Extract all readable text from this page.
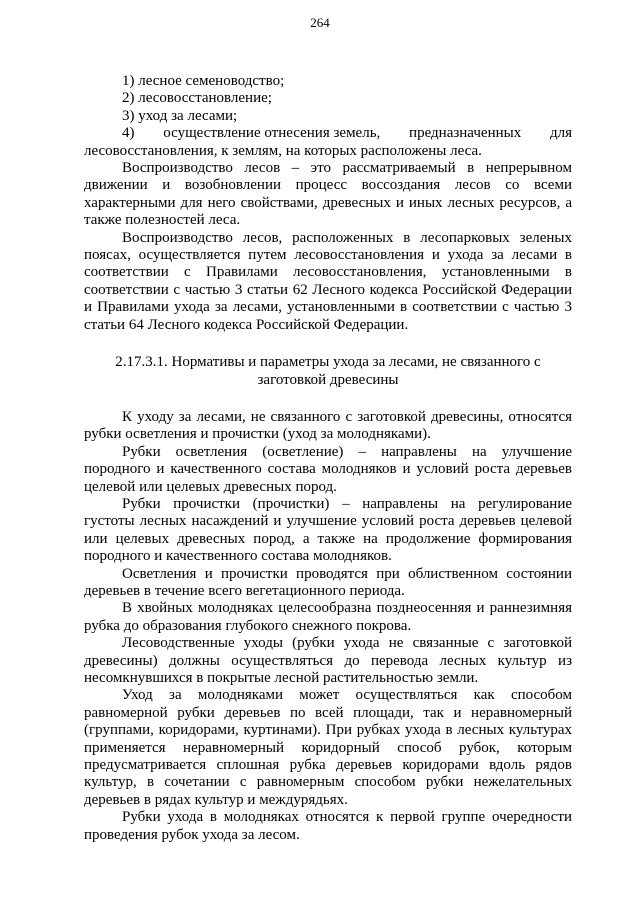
264

1) лесное семеноводство;

2) лесовосстановление;

3) уход за лесами;

4) осуществление отнесения земель, предназначенных для

лесовосстановления, к землям, на которых расположены леса.

Воспроизводство лесов – это рассматриваемый в непрерывном движении и возобновлении процесс воссоздания лесов со всеми характерными для него свойствами, древесных и иных лесных ресурсов, а также полезностей леса.

Воспроизводство лесов, расположенных в лесопарковых зеленых поясах, осуществляется путем лесовосстановления и ухода за лесами в соответствии с Правилами лесовосстановления, установленными в соответствии с частью 3 статьи 62 Лесного кодекса Российской Федерации и Правилами ухода за лесами, установленными в соответствии с частью 3 статьи 64 Лесного кодекса Российской Федерации.

2.17.3.1. Нормативы и параметры ухода за лесами, не связанного с заготовкой древесины

К уходу за лесами, не связанного с заготовкой древесины, относятся рубки осветления и прочистки (уход за молодняками).

Рубки осветления (осветление) – направлены на улучшение породного и качественного состава молодняков и условий роста деревьев целевой или целевых древесных пород.

Рубки прочистки (прочистки) – направлены на регулирование густоты лесных насаждений и улучшение условий роста деревьев целевой или целевых древесных пород, а также на продолжение формирования породного и качественного состава молодняков.

Осветления и прочистки проводятся при облиственном состоянии деревьев в течение всего вегетационного периода.

В хвойных молодняках целесообразна позднеосенняя и раннезимняя рубка до образования глубокого снежного покрова.

Лесоводственные уходы (рубки ухода не связанные с заготовкой древесины) должны осуществляться до перевода лесных культур из несомкнувшихся в покрытые лесной растительностью земли.

Уход за молодняками может осуществляться как способом равномерной рубки деревьев по всей площади, так и неравномерный (группами, коридорами, куртинами). При рубках ухода в лесных культурах применяется неравномерный коридорный способ рубок, которым предусматривается сплошная рубка деревьев коридорами вдоль рядов культур, в сочетании с равномерным способом рубки нежелательных деревьев в рядах культур и междурядьях.

Рубки ухода в молодняках относятся к первой группе очередности проведения рубок ухода за лесом.
